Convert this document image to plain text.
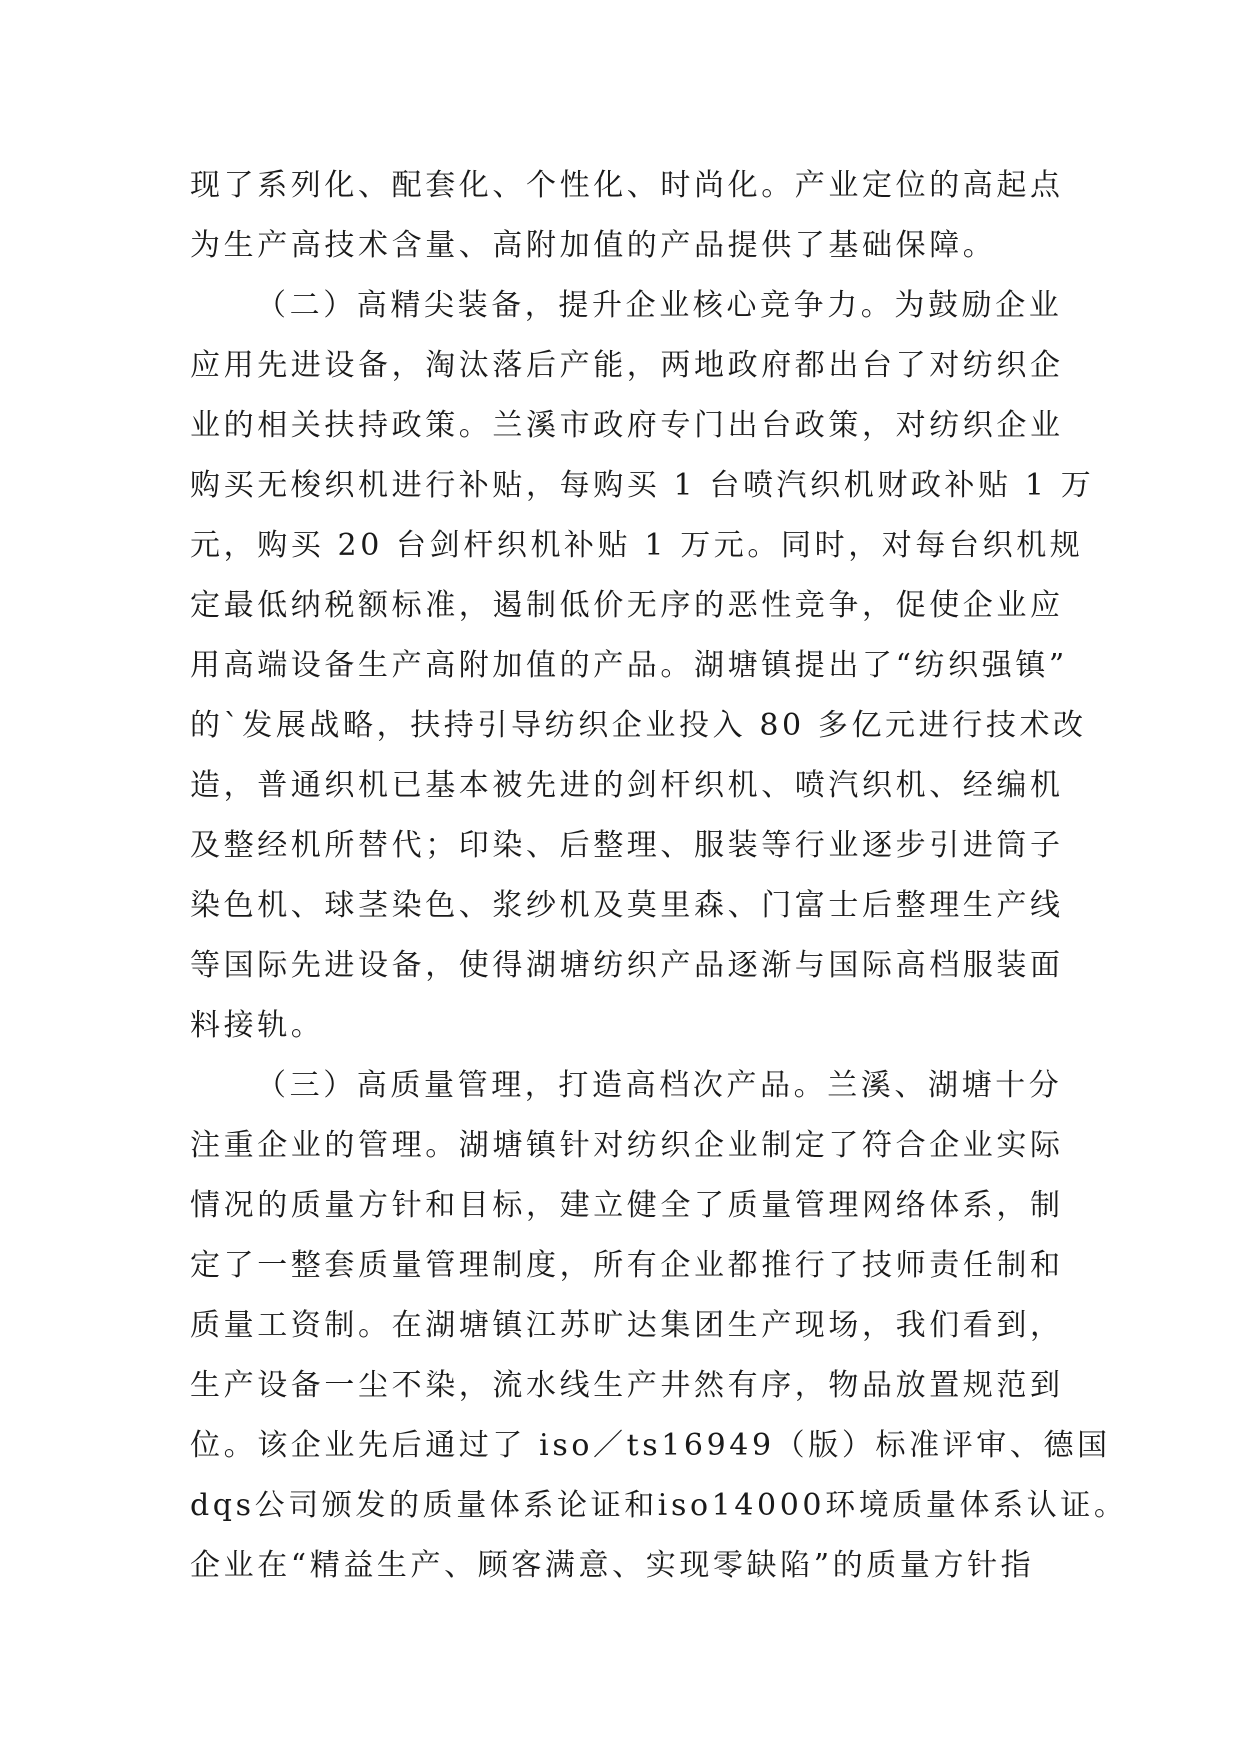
现了系列化、配套化、个性化、时尚化。产业定位的高起点
为生产高技术含量、高附加值的产品提供了基础保障。
（二）高精尖装备，提升企业核心竞争力。为鼓励企业
应用先进设备，淘汰落后产能，两地政府都出台了对纺织企
业的相关扶持政策。兰溪市政府专门出台政策，对纺织企业
购买无梭织机进行补贴，每购买 1 台喷汽织机财政补贴 1 万
元，购买 20 台剑杆织机补贴 1 万元。同时，对每台织机规
定最低纳税额标准，遏制低价无序的恶性竞争，促使企业应
用高端设备生产高附加值的产品。湖塘镇提出了“纺织强镇”
的`发展战略，扶持引导纺织企业投入 80 多亿元进行技术改
造，普通织机已基本被先进的剑杆织机、喷汽织机、经编机
及整经机所替代；印染、后整理、服装等行业逐步引进筒子
染色机、球茎染色、浆纱机及莫里森、门富士后整理生产线
等国际先进设备，使得湖塘纺织产品逐渐与国际高档服装面
料接轨。
（三）高质量管理，打造高档次产品。兰溪、湖塘十分
注重企业的管理。湖塘镇针对纺织企业制定了符合企业实际
情况的质量方针和目标，建立健全了质量管理网络体系，制
定了一整套质量管理制度，所有企业都推行了技师责任制和
质量工资制。在湖塘镇江苏旷达集团生产现场，我们看到，
生产设备一尘不染，流水线生产井然有序，物品放置规范到
位。该企业先后通过了 iso／ts16949（版）标准评审、德国
dqs公司颁发的质量体系论证和iso14000环境质量体系认证。
企业在“精益生产、顾客满意、实现零缺陷”的质量方针指
